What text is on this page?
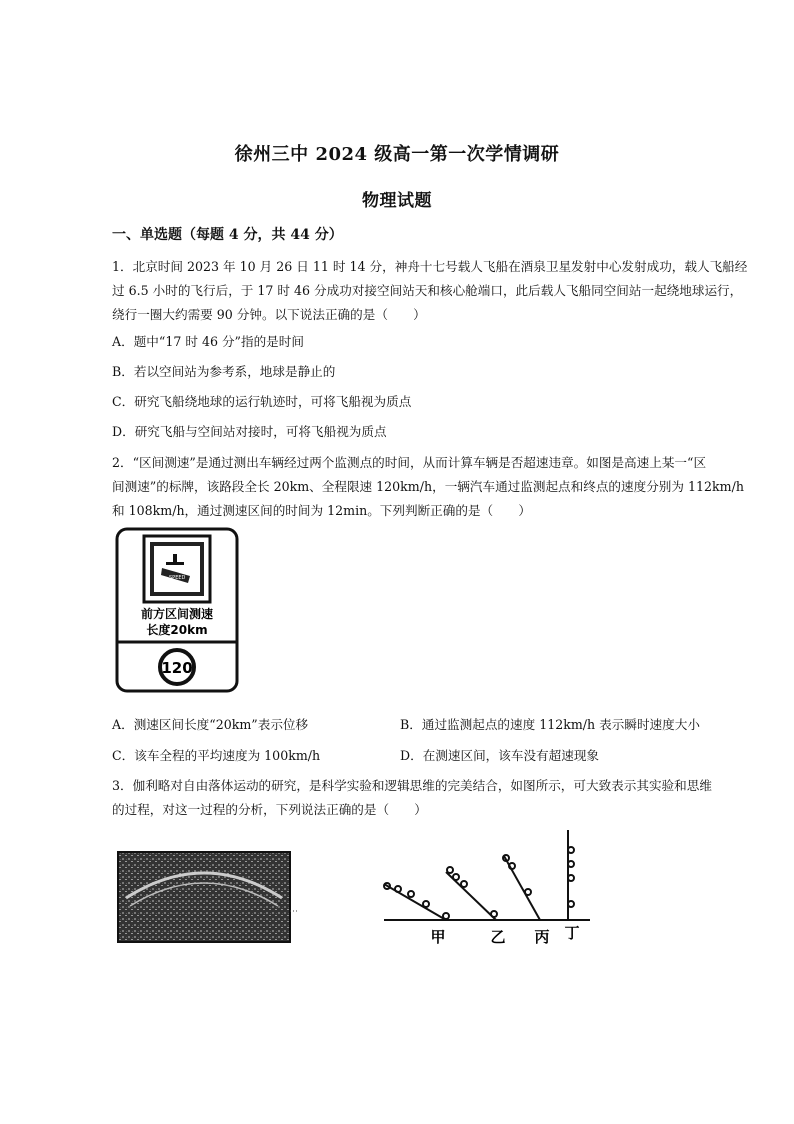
徐州三中 2024 级高一第一次学情调研
物理试题
一、单选题（每题 4 分，共 44 分）
1．北京时间 2023 年 10 月 26 日 11 时 14 分，神舟十七号载人飞船在酒泉卫星发射中心发射成功，载人飞船经
过 6.5 小时的飞行后，于 17 时 46 分成功对接空间站天和核心舱端口，此后载人飞船同空间站一起绕地球运行，
绕行一圈大约需要 90 分钟。以下说法正确的是（　　）
A．题中“17 时 46 分”指的是时间
B．若以空间站为参考系，地球是静止的
C．研究飞船绕地球的运行轨迹时，可将飞船视为质点
D．研究飞船与空间站对接时，可将飞船视为质点
2．“区间测速”是通过测出车辆经过两个监测点的时间，从而计算车辆是否超速违章。如图是高速上某一“区
间测速”的标牌，该路段全长 20km、全程限速 120km/h，一辆汽车通过监测起点和终点的速度分别为 112km/h
和 108km/h，通过测速区间的时间为 12min。下列判断正确的是（　　）
SPEED
前方区间测速
长度20km
120
A．测速区间长度“20km”表示位移	B．通过监测起点的速度 112km/h 表示瞬时速度大小
C．该车全程的平均速度为 100km/h	D．在测速区间，该车没有超速现象
3．伽利略对自由落体运动的研究，是科学实验和逻辑思维的完美结合，如图所示，可大致表示其实验和思维
的过程，对这一过程的分析，下列说法正确的是（　　）
甲	乙 丙 丁
